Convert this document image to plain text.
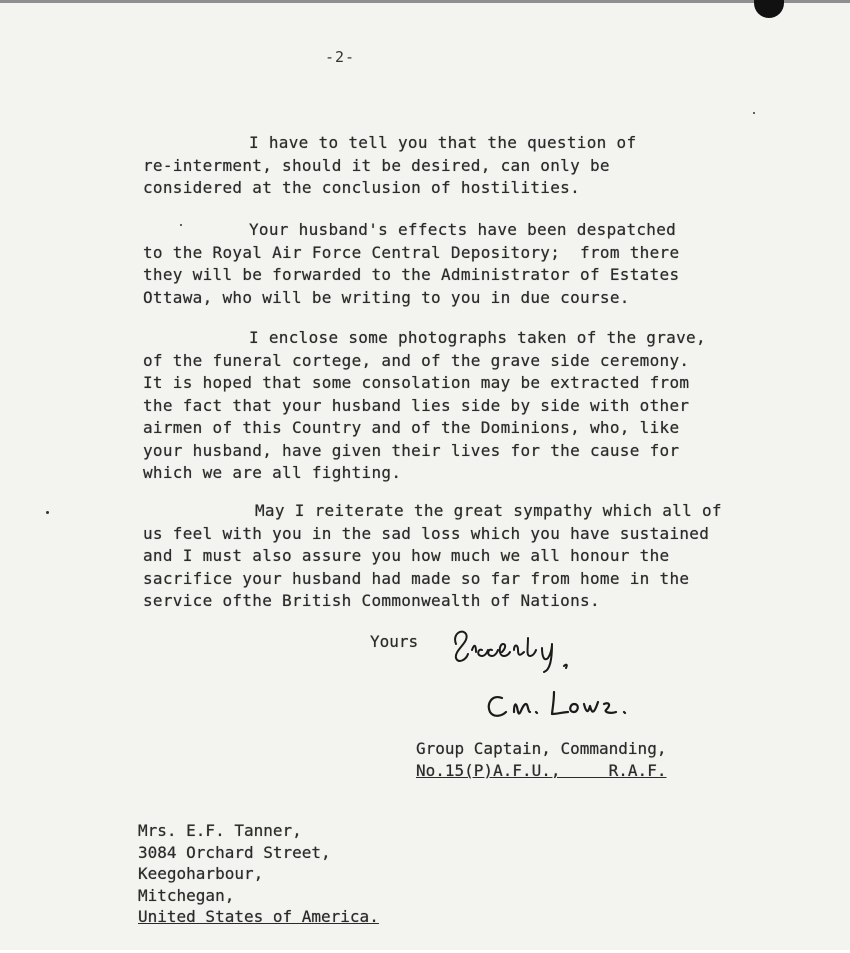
-2-

I have to tell you that the question of
re-interment, should it be desired, can only be
considered at the conclusion of hostilities.

Your husband's effects have been despatched
to the Royal Air Force Central Depository;  from there
they will be forwarded to the Administrator of Estates
Ottawa, who will be writing to you in due course.

I enclose some photographs taken of the grave,
of the funeral cortege, and of the grave side ceremony.
It is hoped that some consolation may be extracted from
the fact that your husband lies side by side with other
airmen of this Country and of the Dominions, who, like
your husband, have given their lives for the cause for
which we are all fighting.

May I reiterate the great sympathy which all of
us feel with you in the sad loss which you have sustained
and I must also assure you how much we all honour the
sacrifice your husband had made so far from home in the
service ofthe British Commonwealth of Nations.

Yours
Group Captain, Commanding,
No.15(P)A.F.U.,     R.A.F.
Mrs. E.F. Tanner,
3084 Orchard Street,
Keegoharbour,
Mitchegan,
United States of America.
